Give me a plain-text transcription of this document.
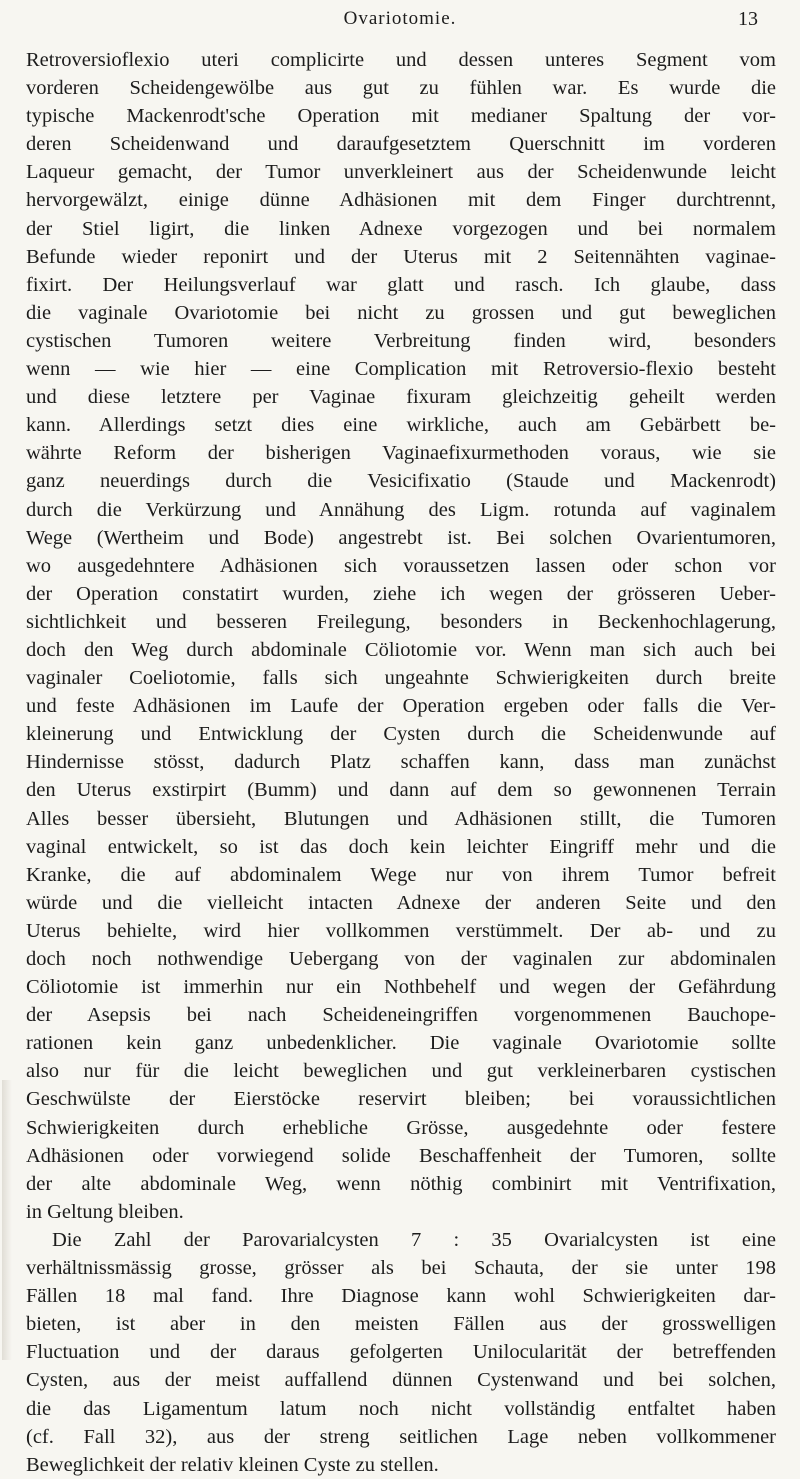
Ovariotomie.	13
Retroversioflexio uteri complicirte und dessen unteres Segment vom
vorderen Scheidengewölbe aus gut zu fühlen war. Es wurde die
typische Mackenrodt'sche Operation mit medianer Spaltung der vor-
deren Scheidenwand und daraufgesetztem Querschnitt im vorderen
Laqueur gemacht, der Tumor unverkleinert aus der Scheidenwunde leicht
hervorgewälzt, einige dünne Adhäsionen mit dem Finger durchtrennt,
der Stiel ligirt, die linken Adnexe vorgezogen und bei normalem
Befunde wieder reponirt und der Uterus mit 2 Seitennähten vaginae-
fixirt. Der Heilungsverlauf war glatt und rasch. Ich glaube, dass
die vaginale Ovariotomie bei nicht zu grossen und gut beweglichen
cystischen Tumoren weitere Verbreitung finden wird, besonders
wenn — wie hier — eine Complication mit Retroversio-flexio besteht
und diese letztere per Vaginae fixuram gleichzeitig geheilt werden
kann. Allerdings setzt dies eine wirkliche, auch am Gebärbett be-
währte Reform der bisherigen Vaginaefixurmethoden voraus, wie sie
ganz neuerdings durch die Vesicifixatio (Staude und Mackenrodt)
durch die Verkürzung und Annähung des Ligm. rotunda auf vaginalem
Wege (Wertheim und Bode) angestrebt ist. Bei solchen Ovarientumoren,
wo ausgedehntere Adhäsionen sich voraussetzen lassen oder schon vor
der Operation constatirt wurden, ziehe ich wegen der grösseren Ueber-
sichtlichkeit und besseren Freilegung, besonders in Beckenhochlagerung,
doch den Weg durch abdominale Cöliotomie vor. Wenn man sich auch bei
vaginaler Coeliotomie, falls sich ungeahnte Schwierigkeiten durch breite
und feste Adhäsionen im Laufe der Operation ergeben oder falls die Ver-
kleinerung und Entwicklung der Cysten durch die Scheidenwunde auf
Hindernisse stösst, dadurch Platz schaffen kann, dass man zunächst
den Uterus exstirpirt (Bumm) und dann auf dem so gewonnenen Terrain
Alles besser übersieht, Blutungen und Adhäsionen stillt, die Tumoren
vaginal entwickelt, so ist das doch kein leichter Eingriff mehr und die
Kranke, die auf abdominalem Wege nur von ihrem Tumor befreit
würde und die vielleicht intacten Adnexe der anderen Seite und den
Uterus behielte, wird hier vollkommen verstümmelt. Der ab- und zu
doch noch nothwendige Uebergang von der vaginalen zur abdominalen
Cöliotomie ist immerhin nur ein Nothbehelf und wegen der Gefährdung
der Asepsis bei nach Scheideneingriffen vorgenommenen Bauchope-
rationen kein ganz unbedenklicher. Die vaginale Ovariotomie sollte
also nur für die leicht beweglichen und gut verkleinerbaren cystischen
Geschwülste der Eierstöcke reservirt bleiben; bei voraussichtlichen
Schwierigkeiten durch erhebliche Grösse, ausgedehnte oder festere
Adhäsionen oder vorwiegend solide Beschaffenheit der Tumoren, sollte
der alte abdominale Weg, wenn nöthig combinirt mit Ventrifixation,
in Geltung bleiben.
Die Zahl der Parovarialcysten 7 : 35 Ovarialcysten ist eine
verhältnissmässig grosse, grösser als bei Schauta, der sie unter 198
Fällen 18 mal fand. Ihre Diagnose kann wohl Schwierigkeiten dar-
bieten, ist aber in den meisten Fällen aus der grosswelligen
Fluctuation und der daraus gefolgerten Unilocularität der betreffenden
Cysten, aus der meist auffallend dünnen Cystenwand und bei solchen,
die das Ligamentum latum noch nicht vollständig entfaltet haben
(cf. Fall 32), aus der streng seitlichen Lage neben vollkommener
Beweglichkeit der relativ kleinen Cyste zu stellen.
